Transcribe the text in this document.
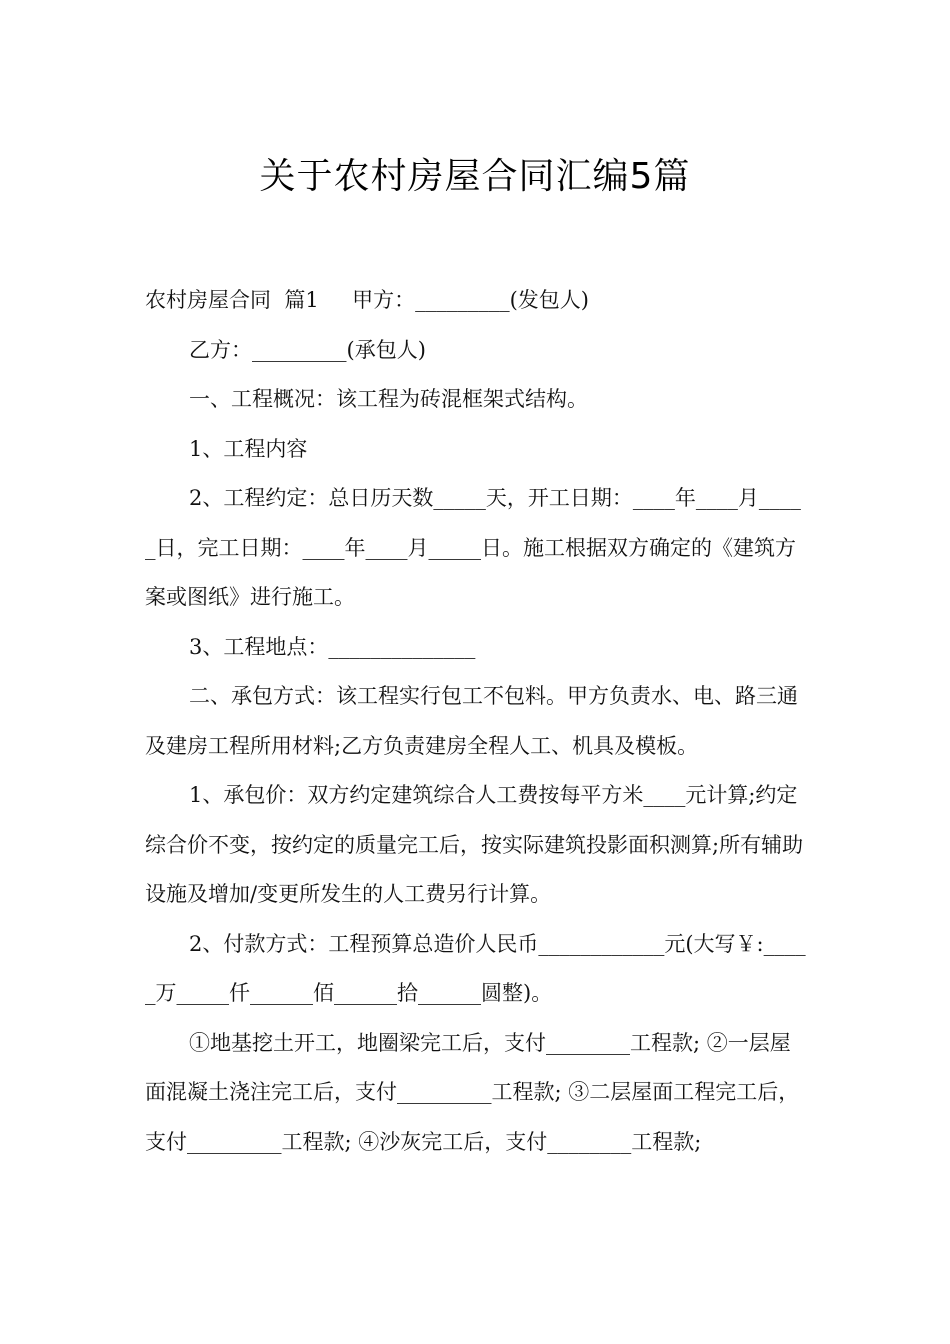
关于农村房屋合同汇编5篇

农村房屋合同  篇1     甲方：_________(发包人)

乙方：_________(承包人)

一、工程概况：该工程为砖混框架式结构。

1、工程内容

2、工程约定：总日历天数_____天，开工日期：____年____月_____日，完工日期：____年____月_____日。施工根据双方确定的《建筑方案或图纸》进行施工。

3、工程地点：______________

二、承包方式：该工程实行包工不包料。甲方负责水、电、路三通及建房工程所用材料;乙方负责建房全程人工、机具及模板。

1、承包价：双方约定建筑综合人工费按每平方米____元计算;约定综合价不变，按约定的质量完工后，按实际建筑投影面积测算;所有辅助设施及增加/变更所发生的人工费另行计算。

2、付款方式：工程预算总造价人民币____________元(大写￥:_____万_____仟______佰______拾______圆整)。

①地基挖土开工，地圈梁完工后，支付________工程款; ②一层屋面混凝土浇注完工后，支付_________工程款; ③二层屋面工程完工后，支付_________工程款; ④沙灰完工后，支付________工程款;
